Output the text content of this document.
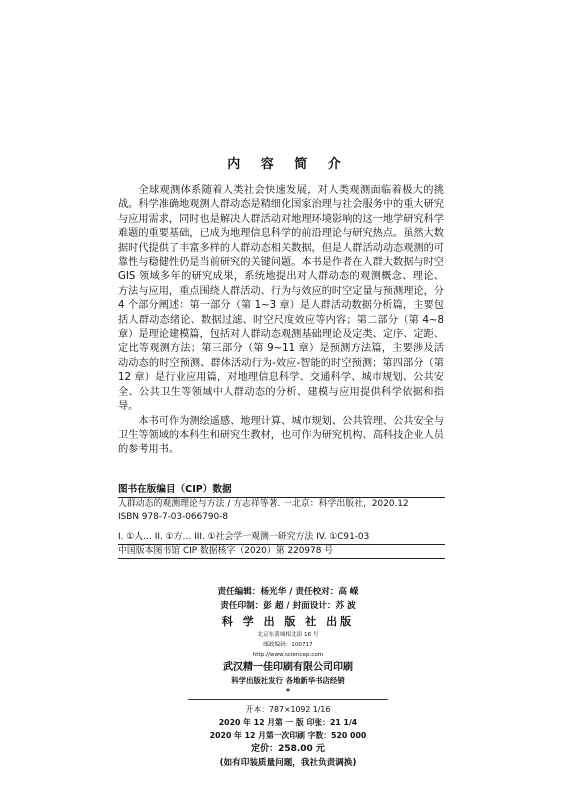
内 容 简 介

全球观测体系随着人类社会快速发展，对人类观测面临着极大的挑战。科学准确地观测人群动态是精细化国家治理与社会服务中的重大研究与应用需求，同时也是解决人群活动对地理环境影响的这一地学研究科学难题的重要基础，已成为地理信息科学的前沿理论与研究热点。虽然大数据时代提供了丰富多样的人群动态相关数据，但是人群活动动态观测的可靠性与稳健性仍是当前研究的关键问题。本书是作者在人群大数据与时空 GIS 领域多年的研究成果，系统地提出对人群动态的观测概念、理论、方法与应用，重点围绕人群活动、行为与效应的时空定量与预测理论，分 4 个部分阐述：第一部分（第 1~3 章）是人群活动数据分析篇，主要包括人群动态绪论、数据过滤、时空尺度效应等内容；第二部分（第 4~8 章）是理论建模篇，包括对人群动态观测基础理论及定类、定序、定距、定比等观测方法；第三部分（第 9~11 章）是预测方法篇，主要涉及活动动态的时空预测、群体活动行为-效应-智能的时空预测；第四部分（第 12 章）是行业应用篇，对地理信息科学、交通科学、城市规划、公共安全、公共卫生等领域中人群动态的分析、建模与应用提供科学依据和指导。

本书可作为测绘遥感、地理计算、城市规划、公共管理、公共安全与卫生等领域的本科生和研究生教材，也可作为研究机构、高科技企业人员的参考用书。

图书在版编目（CIP）数据
人群动态的观测理论与方法 / 方志祥等著. 一北京：科学出版社，2020.12
ISBN 978-7-03-066790-8
I. ①人… II. ①方… III. ①社会学一观测一研究方法 IV. ①C91-03
中国版本图书馆 CIP 数据核字（2020）第 220978 号
责任编辑：杨光华 / 责任校对：高 嵘
责任印制：彭 超 / 封面设计：苏 波
科 学 出 版 社 出版
北京东黄城根北街 16 号
邮政编码：100717
http://www.sciencep.com
武汉精一佳印刷有限公司印刷
科学出版社发行 各地新华书店经销
*
开本：787×1092 1/16
2020 年 12 月第 一 版 印张：21 1/4
2020 年 12 月第一次印刷 字数：520 000
定价：258.00 元
(如有印装质量问题，我社负责调换)
